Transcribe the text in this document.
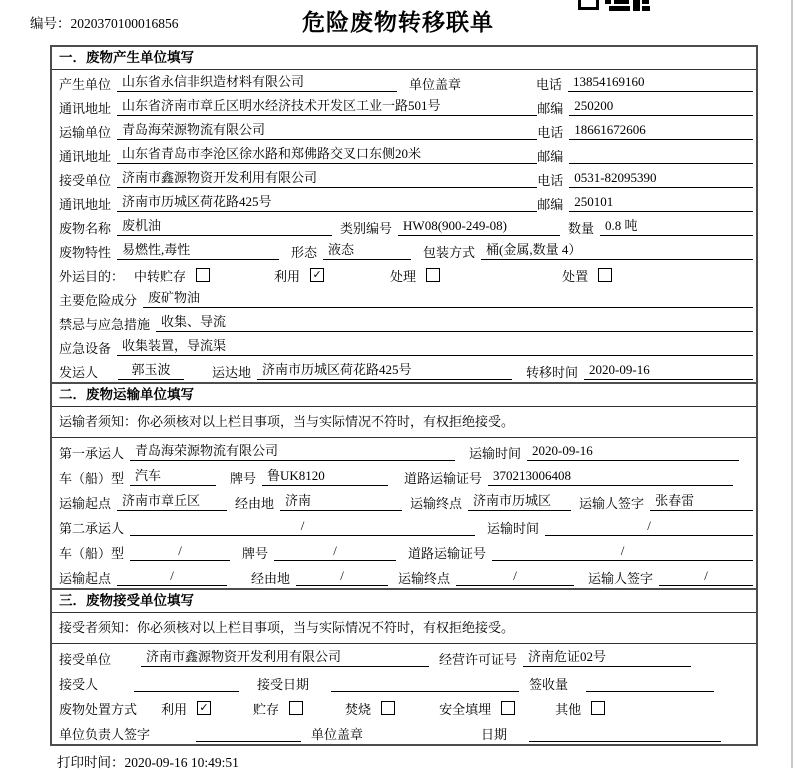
编号：2020370100016856	危险废物转移联单
一．废物产生单位填写
产生单位 山东省永信非织造材料有限公司	单位盖章	电话 13854169160
通讯地址 山东省济南市章丘区明水经济技术开发区工业一路501号	邮编 250200
运输单位 青岛海荣源物流有限公司	电话 18661672606
通讯地址 山东省青岛市李沧区徐水路和郑佛路交叉口东侧20米	邮编
接受单位 济南市鑫源物资开发利用有限公司	电话 0531-82095390
通讯地址 济南市历城区荷花路425号	邮编 250101
废物名称 废机油	类别编号 HW08(900-249-08)	数量 0.8 吨
废物特性 易燃性,毒性	形态 液态	包装方式 桶(金属,数量 4）
外运目的： 中转贮存	利用 ✓	处理	处置
主要危险成分 废矿物油
禁忌与应急措施 收集、导流
应急设备 收集装置，导流渠
发运人	郭玉波	运达地 济南市历城区荷花路425号	转移时间 2020-09-16
二．废物运输单位填写
运输者须知：你必须核对以上栏目事项，当与实际情况不符时，有权拒绝接受。
第一承运人 青岛海荣源物流有限公司	运输时间 2020-09-16
车（船）型 汽车	牌号 鲁UK8120	道路运输证号 370213006408
运输起点 济南市章丘区	经由地 济南	运输终点 济南市历城区	运输人签字 张春雷
第二承运人	/	运输时间	/
车（船）型	/	牌号	/	道路运输证号	/
运输起点	/	经由地	/	运输终点	/	运输人签字	/
三．废物接受单位填写
接受者须知：你必须核对以上栏目事项，当与实际情况不符时，有权拒绝接受。
接受单位	济南市鑫源物资开发利用有限公司	经营许可证号 济南危证02号
接受人	接受日期	签收量
废物处置方式 利用 ✓	贮存	焚烧	安全填埋	其他
单位负责人签字	单位盖章	日期
打印时间：2020-09-16 10:49:51
